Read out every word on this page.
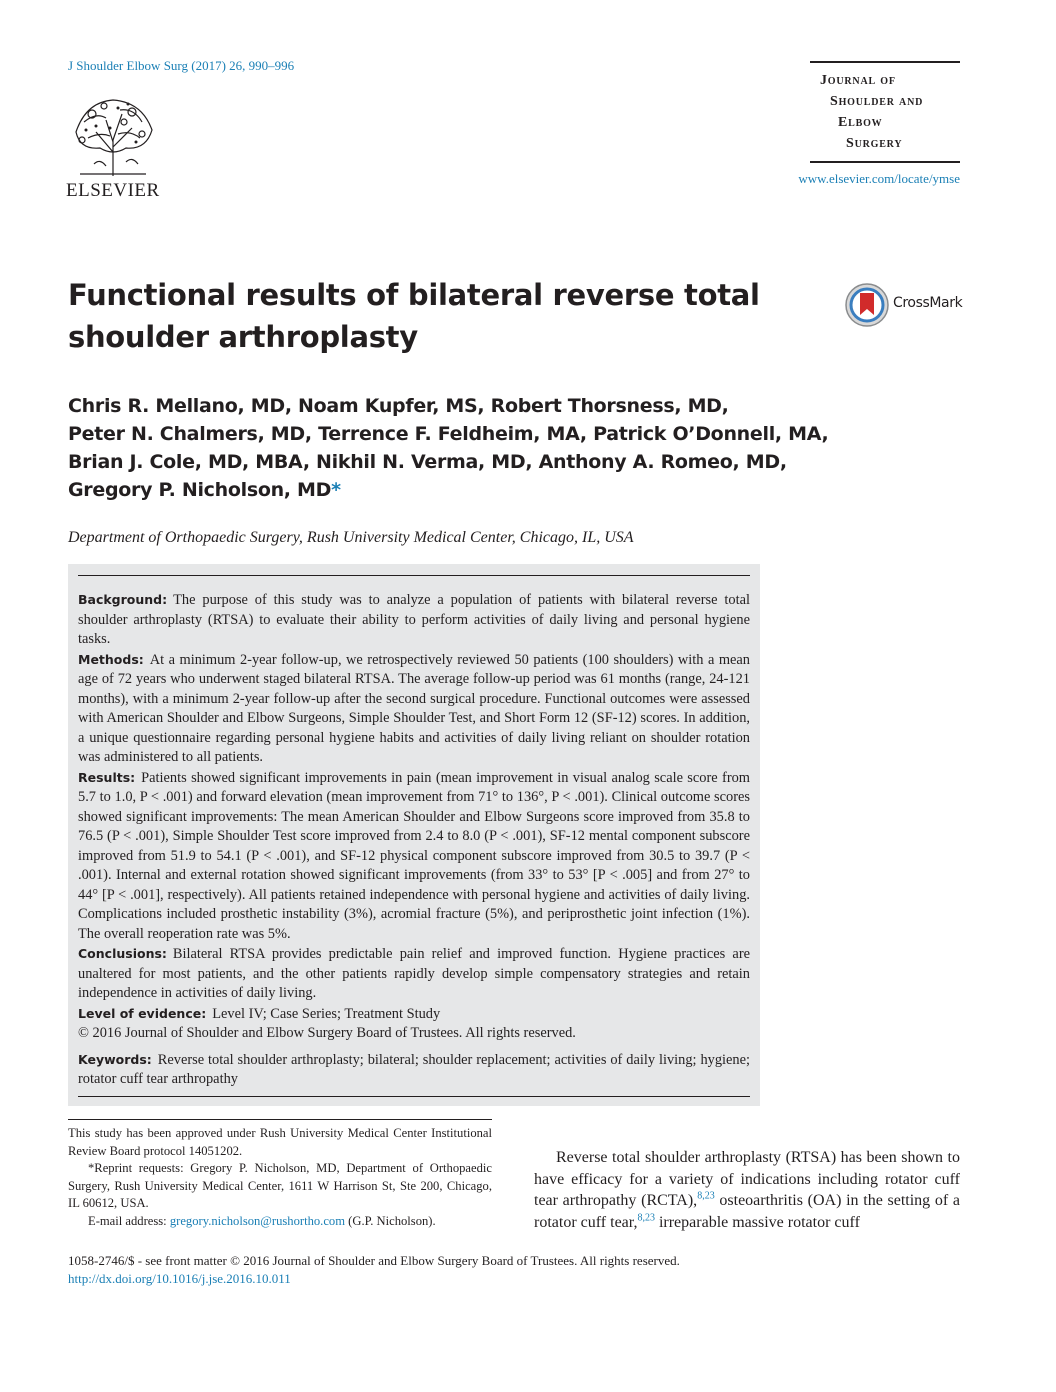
J Shoulder Elbow Surg (2017) 26, 990–996
ELSEVIER
Journal of
Shoulder and
Elbow
Surgery
www.elsevier.com/locate/ymse
Functional results of bilateral reverse total
shoulder arthroplasty
CrossMark

Chris R. Mellano, MD, Noam Kupfer, MS, Robert Thorsness, MD,
Peter N. Chalmers, MD, Terrence F. Feldheim, MA, Patrick O’Donnell, MA,
Brian J. Cole, MD, MBA, Nikhil N. Verma, MD, Anthony A. Romeo, MD,
Gregory P. Nicholson, MD*

Department of Orthopaedic Surgery, Rush University Medical Center, Chicago, IL, USA

Background: The purpose of this study was to analyze a population of patients with bilateral reverse total shoulder arthroplasty (RTSA) to evaluate their ability to perform activities of daily living and personal hygiene tasks.

Methods: At a minimum 2-year follow-up, we retrospectively reviewed 50 patients (100 shoulders) with a mean age of 72 years who underwent staged bilateral RTSA. The average follow-up period was 61 months (range, 24-121 months), with a minimum 2-year follow-up after the second surgical procedure. Functional outcomes were assessed with American Shoulder and Elbow Surgeons, Simple Shoulder Test, and Short Form 12 (SF-12) scores. In addition, a unique questionnaire regarding personal hygiene habits and activities of daily living reliant on shoulder rotation was administered to all patients.

Results: Patients showed significant improvements in pain (mean improvement in visual analog scale score from 5.7 to 1.0, P < .001) and forward elevation (mean improvement from 71° to 136°, P < .001). Clinical outcome scores showed significant improvements: The mean American Shoulder and Elbow Surgeons score improved from 35.8 to 76.5 (P < .001), Simple Shoulder Test score improved from 2.4 to 8.0 (P < .001), SF-12 mental component subscore improved from 51.9 to 54.1 (P < .001), and SF-12 physical component subscore improved from 30.5 to 39.7 (P < .001). Internal and external rotation showed significant improvements (from 33° to 53° [P < .005] and from 27° to 44° [P < .001], respectively). All patients retained independence with personal hygiene and activities of daily living. Complications included prosthetic instability (3%), acromial fracture (5%), and periprosthetic joint infection (1%). The overall reoperation rate was 5%.

Conclusions: Bilateral RTSA provides predictable pain relief and improved function. Hygiene practices are unaltered for most patients, and the other patients rapidly develop simple compensatory strategies and retain independence in activities of daily living.

Level of evidence: Level IV; Case Series; Treatment Study

© 2016 Journal of Shoulder and Elbow Surgery Board of Trustees. All rights reserved.

Keywords: Reverse total shoulder arthroplasty; bilateral; shoulder replacement; activities of daily living; hygiene; rotator cuff tear arthropathy

This study has been approved under Rush University Medical Center Institutional Review Board protocol 14051202.

*Reprint requests: Gregory P. Nicholson, MD, Department of Orthopaedic Surgery, Rush University Medical Center, 1611 W Harrison St, Ste 200, Chicago, IL 60612, USA.

E-mail address: gregory.nicholson@rushortho.com (G.P. Nicholson).

Reverse total shoulder arthroplasty (RTSA) has been shown to have efficacy for a variety of indications including rotator cuff tear arthropathy (RCTA),$^{8,23}$ osteoarthritis (OA) in the setting of a rotator cuff tear,$^{8,23}$ irreparable massive rotator cuff

1058-2746/$ - see front matter © 2016 Journal of Shoulder and Elbow Surgery Board of Trustees. All rights reserved.
http://dx.doi.org/10.1016/j.jse.2016.10.011
